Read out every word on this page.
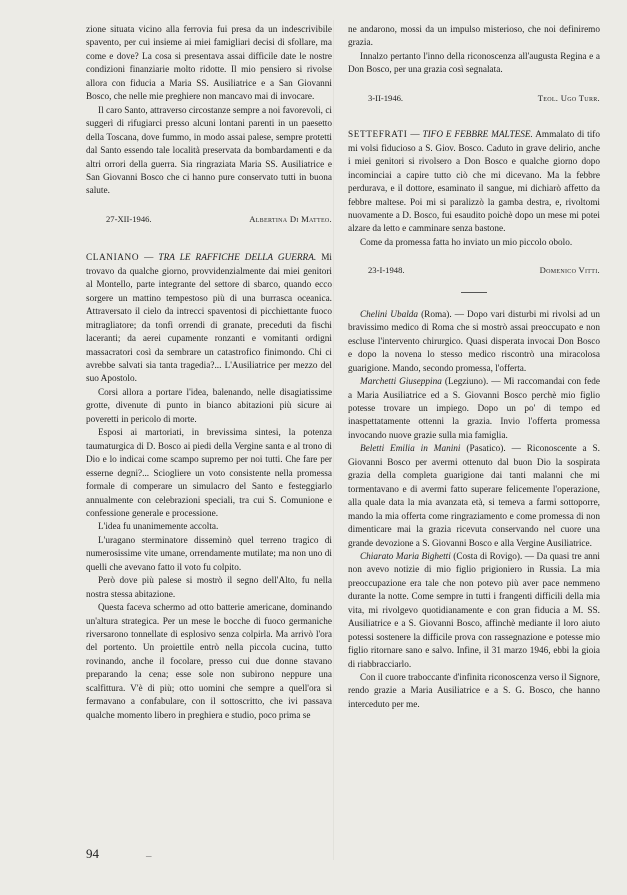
zione situata vicino alla ferrovia fui presa da un indescrivibile spavento, per cui insieme ai miei famigliari decisi di sfollare, ma come e dove? La cosa si presentava assai difficile date le nostre condizioni finanziarie molto ridotte. Il mio pensiero si rivolse allora con fiducia a Maria SS. Ausiliatrice e a San Giovanni Bosco, che nelle mie preghiere non mancavo mai di invocare.

Il caro Santo, attraverso circostanze sempre a noi favorevoli, ci suggerì di rifugiarci presso alcuni lontani parenti in un paesetto della Toscana, dove fummo, in modo assai palese, sempre protetti dal Santo essendo tale località preservata da bombardamenti e da altri orrori della guerra. Sia ringraziata Maria SS. Ausiliatrice e San Giovanni Bosco che ci hanno pure conservato tutti in buona salute.

27-XII-1946.	Albertina Di Matteo.

CLANIANO — TRA LE RAFFICHE DELLA GUERRA. Mi trovavo da qualche giorno, provvidenzialmente dai miei genitori al Montello, parte integrante del settore di sbarco, quando ecco sorgere un mattino tempestoso più di una burrasca oceanica. Attraversato il cielo da intrecci spaventosi di picchiettante fuoco mitragliatore; da tonfi orrendi di granate, preceduti da fischi laceranti; da aerei cupamente ronzanti e vomitanti ordigni massacratori così da sembrare un catastrofico finimondo. Chi ci avrebbe salvati sia tanta tragedia?... L'Ausiliatrice per mezzo del suo Apostolo.

Corsi allora a portare l'idea, balenando, nelle disagiatissime grotte, divenute di punto in bianco abitazioni più sicure ai poveretti in pericolo di morte.

Esposi ai martoriati, in brevissima sintesi, la potenza taumaturgica di D. Bosco ai piedi della Vergine santa e al trono di Dio e lo indicai come scampo supremo per noi tutti. Che fare per esserne degni?... Sciogliere un voto consistente nella promessa formale di comperare un simulacro del Santo e festeggiarlo annualmente con celebrazioni speciali, tra cui S. Comunione e confessione generale e processione.

L'idea fu unanimemente accolta.

L'uragano sterminatore disseminò quel terreno tragico di numerosissime vite umane, orrendamente mutilate; ma non uno di quelli che avevano fatto il voto fu colpito.

Però dove più palese si mostrò il segno dell'Alto, fu nella nostra stessa abitazione.

Questa faceva schermo ad otto batterie americane, dominando un'altura strategica. Per un mese le bocche di fuoco germaniche riversarono tonnellate di esplosivo senza colpirla. Ma arrivò l'ora del portento. Un proiettile entrò nella piccola cucina, tutto rovinando, anche il focolare, presso cui due donne stavano preparando la cena; esse sole non subirono neppure una scalfittura. V'è di più; otto uomini che sempre a quell'ora si fermavano a confabulare, con il sottoscritto, che ivi passava qualche momento libero in preghiera e studio, poco prima se

ne andarono, mossi da un impulso misterioso, che noi definiremo grazia.

Innalzo pertanto l'inno della riconoscenza all'augusta Regina e a Don Bosco, per una grazia così segnalata.

3-II-1946.	Teol. Ugo Turr.

SETTEFRATI — TIFO E FEBBRE MALTESE. Ammalato di tifo mi volsi fiducioso a S. Giov. Bosco. Caduto in grave delirio, anche i miei genitori si rivolsero a Don Bosco e qualche giorno dopo incominciai a capire tutto ciò che mi dicevano. Ma la febbre perdurava, e il dottore, esaminato il sangue, mi dichiarò affetto da febbre maltese. Poi mi si paralizzò la gamba destra, e, rivoltomi nuovamente a D. Bosco, fui esaudito poichè dopo un mese mi potei alzare da letto e camminare senza bastone.

Come da promessa fatta ho inviato un mio piccolo obolo.

23-I-1948.	Domenico Vitti.

Chelini Ubalda (Roma). — Dopo vari disturbi mi rivolsi ad un bravissimo medico di Roma che si mostrò assai preoccupato e non escluse l'intervento chirurgico. Quasi disperata invocai Don Bosco e dopo la novena lo stesso medico riscontrò una miracolosa guarigione. Mando, secondo promessa, l'offerta.

Marchetti Giuseppina (Legziuno). — Mi raccomandai con fede a Maria Ausiliatrice ed a S. Giovanni Bosco perchè mio figlio potesse trovare un impiego. Dopo un po' di tempo ed inaspettatamente ottenni la grazia. Invio l'offerta promessa invocando nuove grazie sulla mia famiglia.

Beletti Emilia in Manini (Pasatico). — Riconoscente a S. Giovanni Bosco per avermi ottenuto dal buon Dio la sospirata grazia della completa guarigione dai tanti malanni che mi tormentavano e di avermi fatto superare felicemente l'operazione, alla quale data la mia avanzata età, si temeva a farmi sottoporre, mando la mia offerta come ringraziamento e come promessa di non dimenticare mai la grazia ricevuta conservando nel cuore una grande devozione a S. Giovanni Bosco e alla Vergine Ausiliatrice.

Chiarato Maria Bighetti (Costa di Rovigo). — Da quasi tre anni non avevo notizie di mio figlio prigioniero in Russia. La mia preoccupazione era tale che non potevo più aver pace nemmeno durante la notte. Come sempre in tutti i frangenti difficili della mia vita, mi rivolgevo quotidianamente e con gran fiducia a M. SS. Ausiliatrice e a S. Giovanni Bosco, affinchè mediante il loro aiuto potessi sostenere la difficile prova con rassegnazione e potesse mio figlio ritornare sano e salvo. Infine, il 31 marzo 1946, ebbi la gioia di riabbracciarlo.

Con il cuore traboccante d'infinita riconoscenza verso il Signore, rendo grazie a Maria Ausiliatrice e a S. G. Bosco, che hanno interceduto per me.

94	–
